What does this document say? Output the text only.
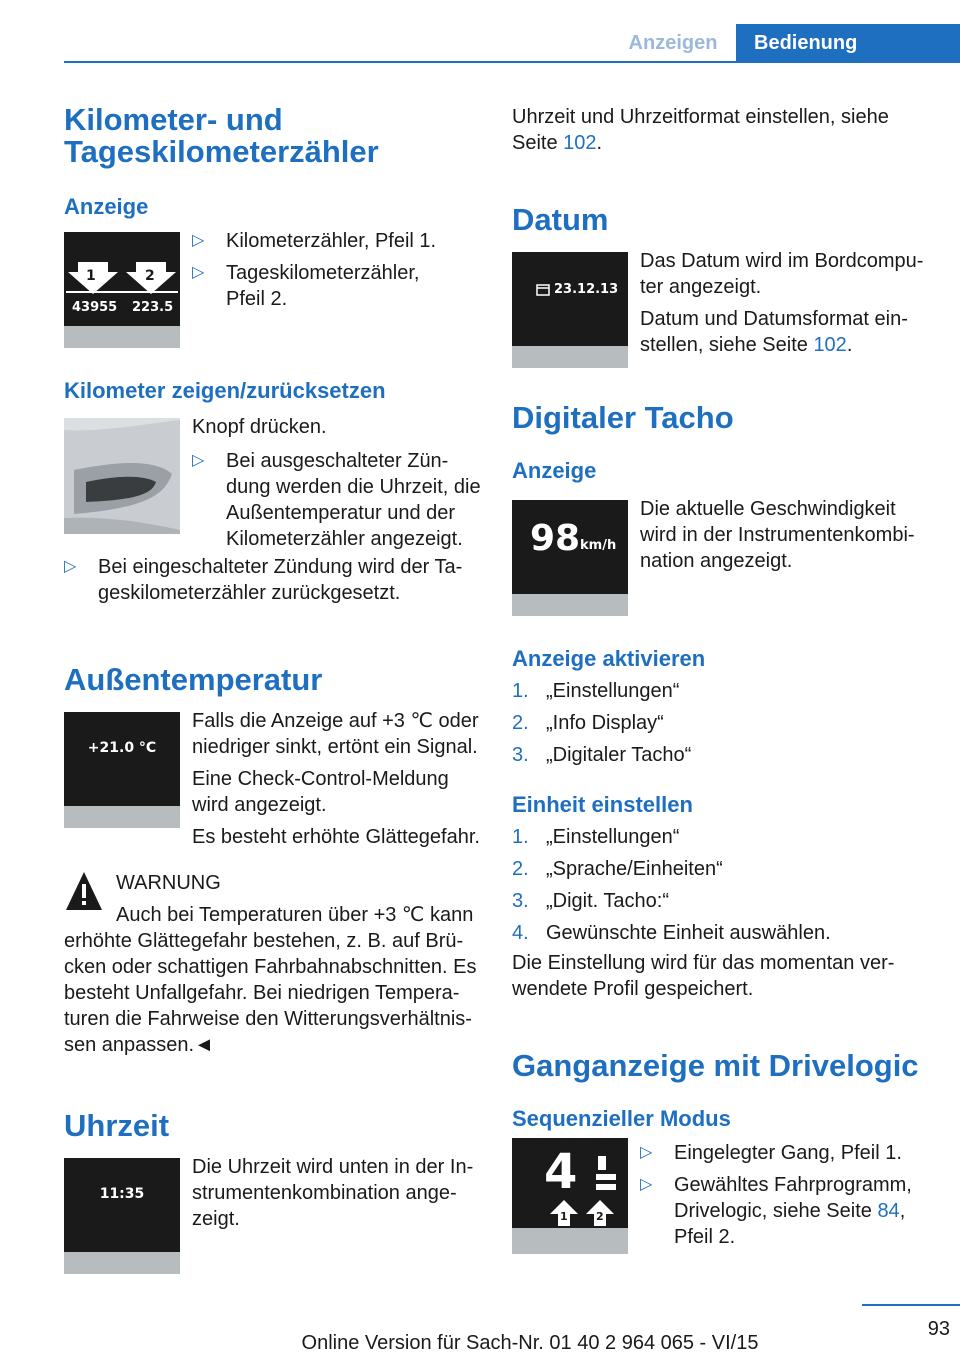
Anzeigen	Bedienung
Kilometer- und
Tageskilometerzähler
Anzeige
1	2
43955 223.5
▷ Kilometerzähler, Pfeil 1.
▷ Tageskilometerzähler,
Pfeil 2.
Kilometer zeigen/zurücksetzen
Knopf drücken.
▷ Bei ausgeschalteter Zün-
dung werden die Uhrzeit, die
Außentemperatur und der
Kilometerzähler angezeigt.
▷ Bei eingeschalteter Zündung wird der Ta-
geskilometerzähler zurückgesetzt.
Außentemperatur
+21.0 °C
Falls die Anzeige auf +3 ℃ oder
niedriger sinkt, ertönt ein Signal.
Eine Check-Control-Meldung
wird angezeigt.
Es besteht erhöhte Glättegefahr.
WARNUNG
Auch bei Temperaturen über +3 ℃ kann
erhöhte Glättegefahr bestehen, z. B. auf Brü-
cken oder schattigen Fahrbahnabschnitten. Es
besteht Unfallgefahr. Bei niedrigen Tempera-
turen die Fahrweise den Witterungsverhältnis-
sen anpassen.◄
Uhrzeit
11:35
Die Uhrzeit wird unten in der In-
strumentenkombination ange-
zeigt.
Uhrzeit und Uhrzeitformat einstellen, siehe
Seite 102.
Datum
23.12.13
Das Datum wird im Bordcompu-
ter angezeigt.
Datum und Datumsformat ein-
stellen, siehe Seite 102.
Digitaler Tacho
Anzeige
98 km/h
Die aktuelle Geschwindigkeit
wird in der Instrumentenkombi-
nation angezeigt.
Anzeige aktivieren
1. „Einstellungen“
2. „Info Display“
3. „Digitaler Tacho“
Einheit einstellen
1. „Einstellungen“
2. „Sprache/Einheiten“
3. „Digit. Tacho:“
4. Gewünschte Einheit auswählen.
Die Einstellung wird für das momentan ver-
wendete Profil gespeichert.
Ganganzeige mit Drivelogic
Sequenzieller Modus
4
1	2
▷ Eingelegter Gang, Pfeil 1.
▷ Gewähltes Fahrprogramm,
Drivelogic, siehe Seite 84,
Pfeil 2.
93
Online Version für Sach-Nr. 01 40 2 964 065 - VI/15
